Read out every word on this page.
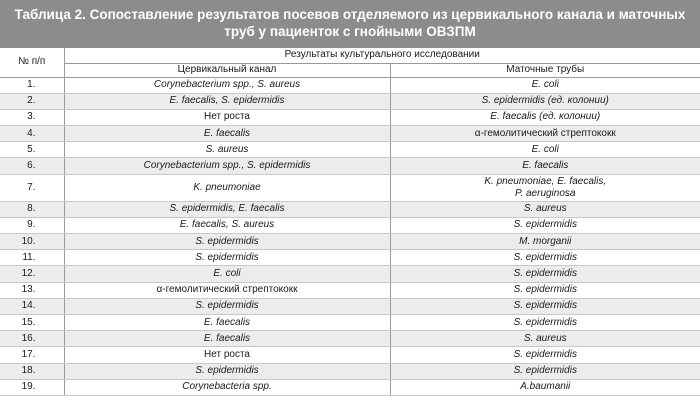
Таблица 2. Сопоставление результатов посевов отделяемого из цервикального канала и маточных
труб у пациенток с гнойными ОВЗПМ
№ п/п	Результаты культурального исследовании	
	Цервикальный канал	Маточные трубы
1.	Corynebacterium spp., S. aureus	E. coli
2.	E. faecalis, S. epidermidis	S. epidermidis (ед. колонии)
3.	Нет роста	E. faecalis (ед. колонии)
4.	E. faecalis	α-гемолитический стрептококк
5.	S. aureus	E. coli
6.	Corynebacterium spp., S. epidermidis	E. faecalis
7.	K. pneumoniae	K. pneumoniae, E. faecalis,
P. aeruginosa
8.	S. epidermidis, E. faecalis	S. aureus
9.	E. faecalis, S. aureus	S. epidermidis
10.	S. epidermidis	M. morganii
11.	S. epidermidis	S. epidermidis
12.	E. coli	S. epidermidis
13.	α-гемолитический стрептококк	S. epidermidis
14.	S. epidermidis	S. epidermidis
15.	E. faecalis	S. epidermidis
16.	E. faecalis	S. aureus
17.	Нет роста	S. epidermidis
18.	S. epidermidis	S. epidermidis
19.	Corynebacteria spp.	A.baumanii
